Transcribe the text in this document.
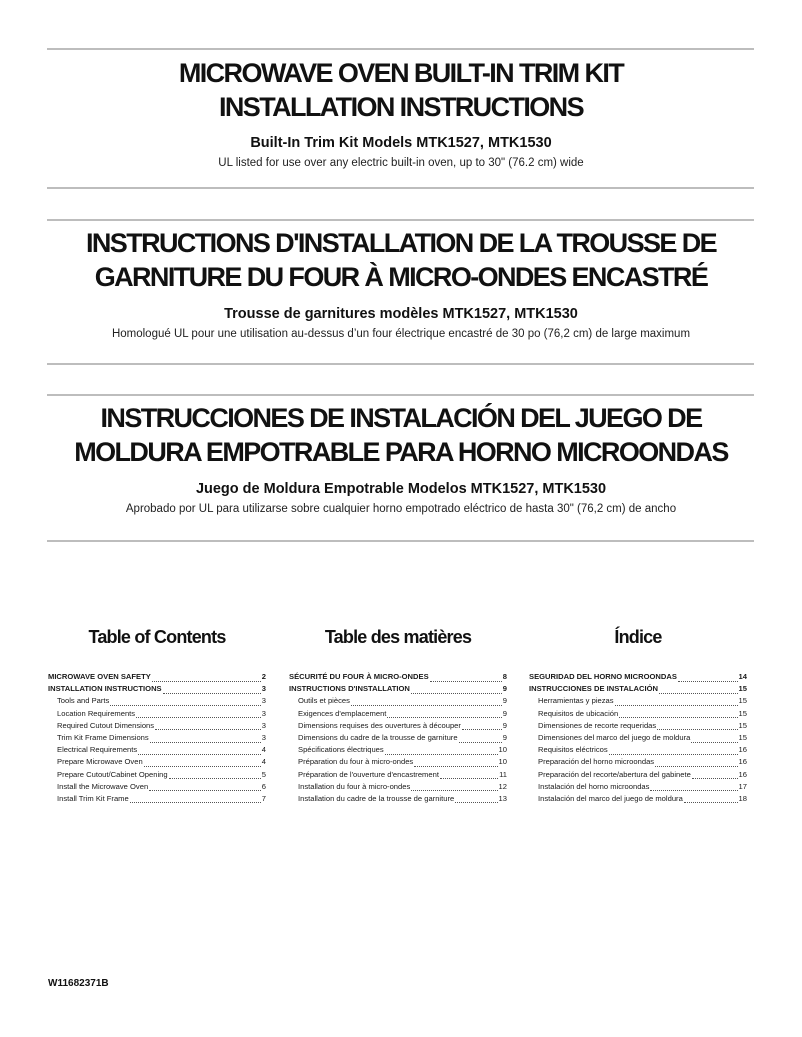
MICROWAVE OVEN BUILT-IN TRIM KIT
INSTALLATION INSTRUCTIONS

Built-In Trim Kit Models MTK1527, MTK1530

UL listed for use over any electric built-in oven, up to 30" (76.2 cm) wide

INSTRUCTIONS D'INSTALLATION DE LA TROUSSE DE
GARNITURE DU FOUR À MICRO-ONDES ENCASTRÉ

Trousse de garnitures modèles MTK1527, MTK1530

Homologué UL pour une utilisation au-dessus d’un four électrique encastré de 30 po (76,2 cm) de large maximum

INSTRUCCIONES DE INSTALACIÓN DEL JUEGO DE
MOLDURA EMPOTRABLE PARA HORNO MICROONDAS

Juego de Moldura Empotrable Modelos MTK1527, MTK1530

Aprobado por UL para utilizarse sobre cualquier horno empotrado eléctrico de hasta 30" (76,2 cm) de ancho

Table of Contents	Table des matières	Índice
MICROWAVE OVEN SAFETY	2
INSTALLATION INSTRUCTIONS	3
Tools and Parts	3
Location Requirements	3
Required Cutout Dimensions	3
Trim Kit Frame Dimensions	3
Electrical Requirements	4
Prepare Microwave Oven	4
Prepare Cutout/Cabinet Opening	5
Install the Microwave Oven	6
Install Trim Kit Frame	7
SÉCURITÉ DU FOUR À MICRO-ONDES	8
INSTRUCTIONS D'INSTALLATION	9
Outils et pièces	9
Exigences d'emplacement	9
Dimensions requises des ouvertures à découper	9
Dimensions du cadre de la trousse de garniture	9
Spécifications électriques	10
Préparation du four à micro-ondes	10
Préparation de l'ouverture d'encastrement	11
Installation du four à micro-ondes	12
Installation du cadre de la trousse de garniture	13
SEGURIDAD DEL HORNO MICROONDAS	14
INSTRUCCIONES DE INSTALACIÓN	15
Herramientas y piezas	15
Requisitos de ubicación	15
Dimensiones de recorte requeridas	15
Dimensiones del marco del juego de moldura	15
Requisitos eléctricos	16
Preparación del horno microondas	16
Preparación del recorte/abertura del gabinete	16
Instalación del horno microondas	17
Instalación del marco del juego de moldura	18
W11682371B
